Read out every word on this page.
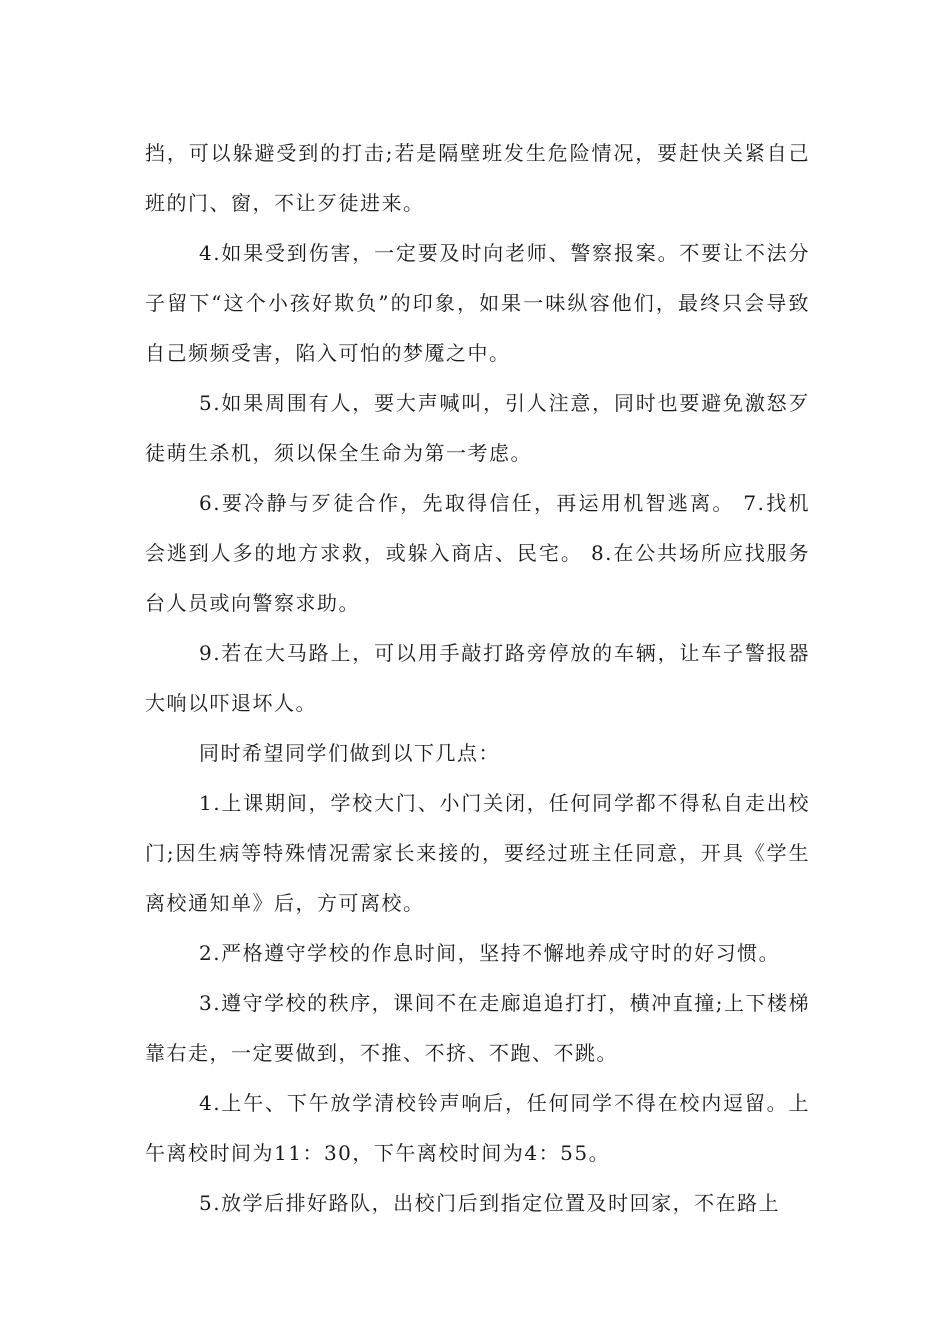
挡，可以躲避受到的打击;若是隔壁班发生危险情况，要赶快关紧自己班的门、窗，不让歹徒进来。

4.如果受到伤害，一定要及时向老师、警察报案。不要让不法分子留下“这个小孩好欺负”的印象，如果一味纵容他们，最终只会导致自己频频受害，陷入可怕的梦魇之中。

5.如果周围有人，要大声喊叫，引人注意，同时也要避免激怒歹徒萌生杀机，须以保全生命为第一考虑。

6.要冷静与歹徒合作，先取得信任，再运用机智逃离。 7.找机会逃到人多的地方求救，或躲入商店、民宅。 8.在公共场所应找服务台人员或向警察求助。

9.若在大马路上，可以用手敲打路旁停放的车辆，让车子警报器大响以吓退坏人。

同时希望同学们做到以下几点：

1.上课期间，学校大门、小门关闭，任何同学都不得私自走出校门;因生病等特殊情况需家长来接的，要经过班主任同意，开具《学生离校通知单》后，方可离校。

2.严格遵守学校的作息时间，坚持不懈地养成守时的好习惯。

3.遵守学校的秩序，课间不在走廊追追打打，横冲直撞;上下楼梯靠右走，一定要做到，不推、不挤、不跑、不跳。

4.上午、下午放学清校铃声响后，任何同学不得在校内逗留。上午离校时间为11：30，下午离校时间为4：55。

5.放学后排好路队，出校门后到指定位置及时回家，不在路上
